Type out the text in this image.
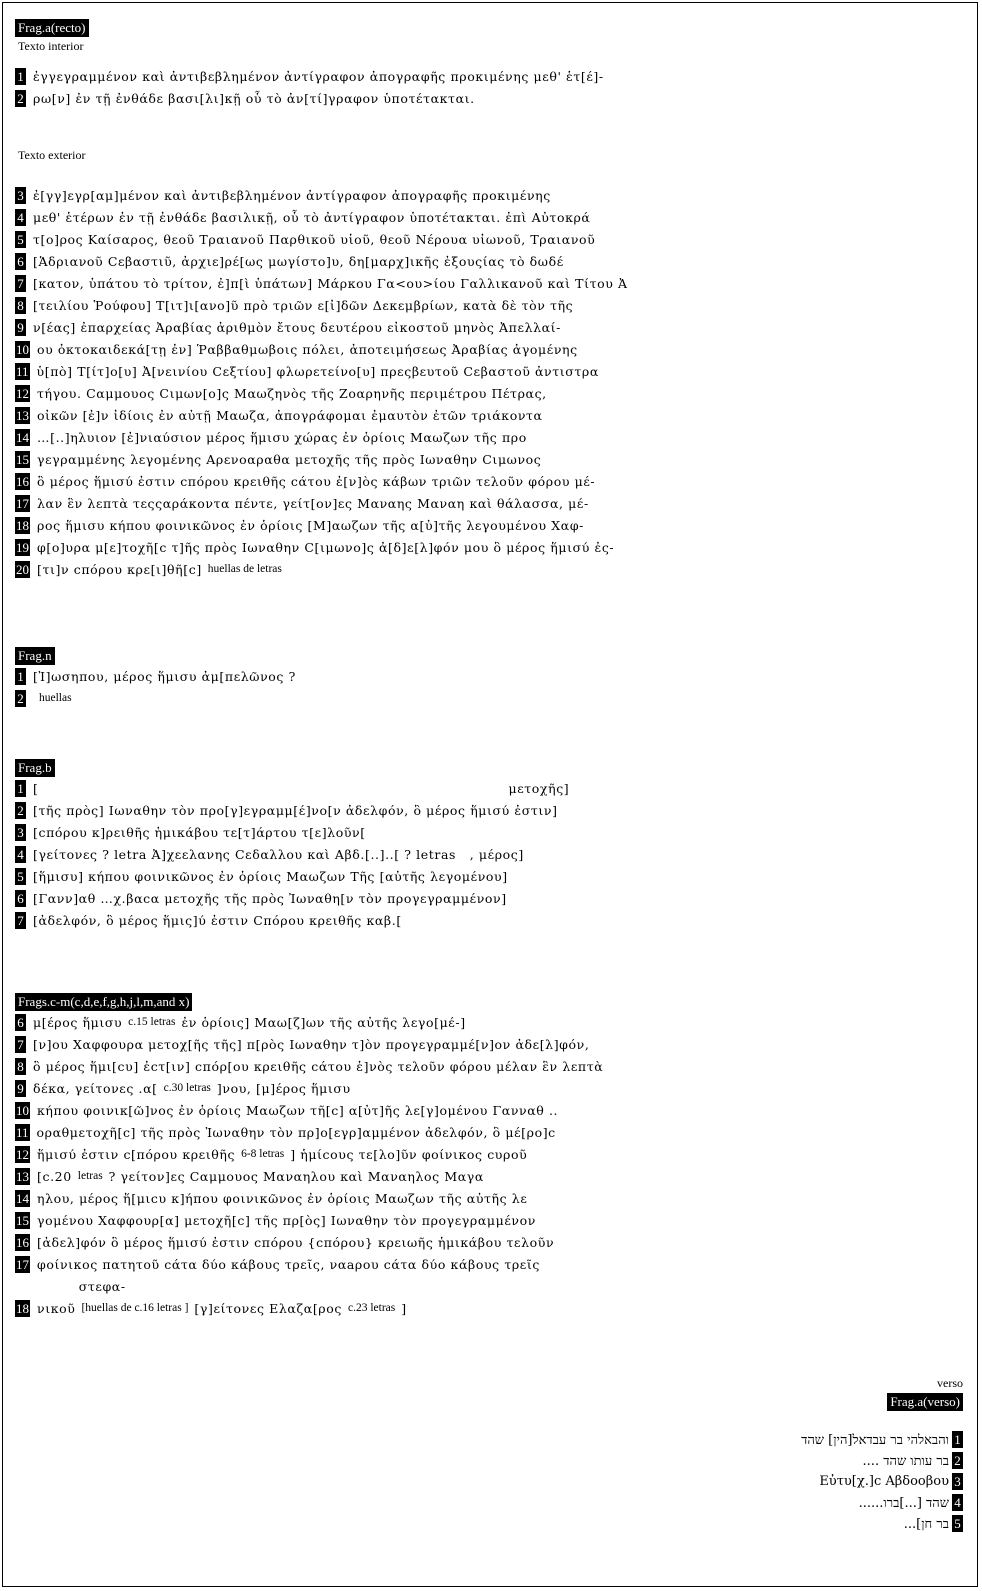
Frag.a(recto)
Texto interior
1 ἐγγεγραμμένον καὶ ἀντιβεβλημένον ἀντίγραφον ἀπογραφῆς προκιμένης μεθ' ἑτ[έ]-
2 ρω[ν] ἐν τῇ ἐνθάδε βασι[λι]κῇ οὗ τὸ ἀν[τί]γραφον ὑποτέτακται.
Texto exterior
3 ἐ[γγ]εγρ[αμ]μένον καὶ ἀντιβεβλημένον ἀντίγραφον ἀπογραφῆς προκιμένης
4 μεθ' ἑτέρων ἐν τῇ ἐνθάδε βασιλικῇ, οὗ τὸ ἀντίγραφον ὑποτέτακται. ἐπὶ Αὐτοκρά
5 τ[ο]ρος Καίσαρος, θεοῦ Τραιανοῦ Παρθικοῦ υἱοῦ, θεοῦ Νέρουα υἱωνοῦ, Τραιανοῦ
6 [Ἁδριανοῦ Cεβαστιῦ, ἀρχιε]ρέ[ως μωγίστο]υ, δη[μαρχ]ικῆς ἐξουςίας τὸ δωδέ
7 [κατον, ὑπάτου τὸ τρίτον, ἐ]π[ὶ ὑπάτων] Μάρκου Γα<ου>ίου Γαλλικανοῦ καὶ Τίτου Ἀ
8 [τειλίου Ῥούφου] Τ[ιτ]ι[ανο]ῦ πρὸ τριῶν ε[ἰ]δῶν Δεκεμβρίων, κατὰ δὲ τὸν τῆς
9 ν[έας] ἐπαρχείας Ἀραβίας ἀριθμὸν ἔτους δευτέρου εἰκοστοῦ μηνὸς Ἀπελλαί-
10 ου ὀκτοκαιδεκά[τῃ ἐν] Ῥαββαθμωβοις πόλει, ἀποτειμήσεως Ἀραβίας ἀγομένης
11 ὑ[πὸ] Τ[ίτ]ο[υ] Ἀ[νεινίου Cεξτίου] φλωρετείνο[υ] πρεςβευτοῦ Cεβαστοῦ ἀντιστρα
12 τήγου. Cαμμουος Cιμων[ο]ς Μαωζηνὸς τῆς Ζοαρηνῆς περιμέτρου Πέτρας,
13 οἰκῶν [ἐ]ν ἰδίοις ἐν αὐτῇ Μαωζα, ἀπογράφομαι ἐμαυτὸν ἐτῶν τριάκοντα
14 …[..]ηλυιον [ἐ]νιαύσιον μέρος ἥμισυ χώρας ἐν ὁρίοις Μαωζων τῆς προ
15 γεγραμμένης λεγομένης Αρενοαραθα μετοχῆς τῆς πρὸς Ιωναθην Cιμωνος
16 ὃ μέρος ἥμισύ ἐστιν cπόρου κρειθῆς cάτου ἐ[ν]ὸς κάβων τριῶν τελοῦν φόρου μέ-
17 λαν ἓν λεπτὰ τεςςαράκοντα πέντε, γείτ[ον]ες Μαναης Μαναη καὶ θάλασσα, μέ-
18 ρος ἥμισυ κήπου φοινικῶνος ἐν ὁρίοις [Μ]αωζων τῆς α[ὐ]τῆς λεγουμένου Χαφ-
19 φ[ο]υρα μ[ε]τοχῆ[c τ]ῆς πρὸς Ιωναθην C[ιμωνο]ς ἀ[δ]ε[λ]φόν μου ὃ μέρος ἥμισύ ἐς-
20 [τι]ν cπόρου κρε[ι]θῆ[c] huellas de letras
Frag.n
1 [Ἰ]ωσηπου, μέρος ἥμισυ ἀμ[πελῶνος ?
2 huellas
Frag.b
1 [	μετοχῆς]
2 [τῆς πρὸς] Ιωναθην τὸν προ[γ]εγραμμ[έ]νο[ν ἀδελφόν, ὃ μέρος ἥμισύ ἐστιν]
3 [cπόρου κ]ρειθῆς ἡμικάβου τε[τ]άρτου τ[ε]λοῦν[
4 [γείτονες ? letra Ἀ]χεελανης Cεδαλλου καὶ Αβδ.[..]..[ ? letras   , μέρος]
5 [ἥμισυ] κήπου φοινικῶνος ἐν ὁρίοις Μαωζων Τῆς [αὐτῆς λεγομένου]
6 [Γανν]αθ …χ.βαcα μετοχῆς τῆς πρὸς Ἰωναθη[ν τὸν προγεγραμμένον]
7 [ἀδελφόν, ὃ μέρος ἥμις]ύ ἐστιν Cπόρου κρειθῆς καβ.[
Frags.c-m(c,d,e,f,g,h,j,l,m,and x)
6 μ[έρος ἥμισυ c.15 letras ἐν ὁρίοις] Μαω[ζ]ων τῆς αὐτῆς λεγο[μέ-]
7 [ν]ου Χαφφουρα μετοχ[ῆς τῆς] π[ρὸς Ιωναθην τ]ὸν προγεγραμμέ[ν]ον ἀδε[λ]φόν,
8 ὃ μέρος ἥμι[cυ] ἐcτ[ιν] cπόρ[ου κρειθῆς cάτου ἑ]νὸς τελοῦν φόρου μέλαν ἓν λεπτὰ
9 δέκα, γείτονες .α[ c.30 letras ]νου, [μ]έρος ἥμισυ
10 κήπου φοινικ[ῶ]νος ἐν ὁρίοις Μαωζων τῆ[c] α[ὐτ]ῆς λε[γ]ομένου Γανναθ ..
11 οραθμετοχῆ[c] τῆς πρὸς Ἰωναθην τὸν πρ]ο[εγρ]αμμένον ἀδελφόν, ὃ μέ[ρο]c
12 ἥμισύ ἐστιν c[πόρου κρειθῆς 6-8 letras ] ἡμίcους τε[λο]ῦν φοίνικος cυροῦ
13 [c.20 letras ? γείτον]ες Cαμμουος Μαναηλου καὶ Μαναηλος Μαγα
14 ηλου, μέρος ἥ[μιcυ κ]ήπου φοινικῶνος ἐν ὁρίοις Μαωζων τῆς αὐτῆς λε
15 γομένου Χαφφουρ[α] μετοχῆ[c] τῆς πρ[ὸς] Ιωναθην τὸν προγεγραμμένον
16 [ἀδελ]φόν ὃ μέρος ἥμισύ ἐστιν cπόρου {cπόρου} κρειωῆς ἡμικάβου τελοῦν
17 φοίνικος πατητοῦ cάτα δύο κάβους τρεῖς, ναaρου cάτα δύο κάβους τρεῖς
στεφα-
18 νικοῦ [huellas de c.16 letras ] [γ]είτονες Ελαζα[ρος c.23 letras ]
verso
Frag.a(verso)
והבאלהי בר עבדאל[הין] שהד 1
בר עותו שהד .... 2
Εὐτυ[χ.]c Αβδοοβου 3
שהד [...]ברו...... 4
בר חן]... 5
